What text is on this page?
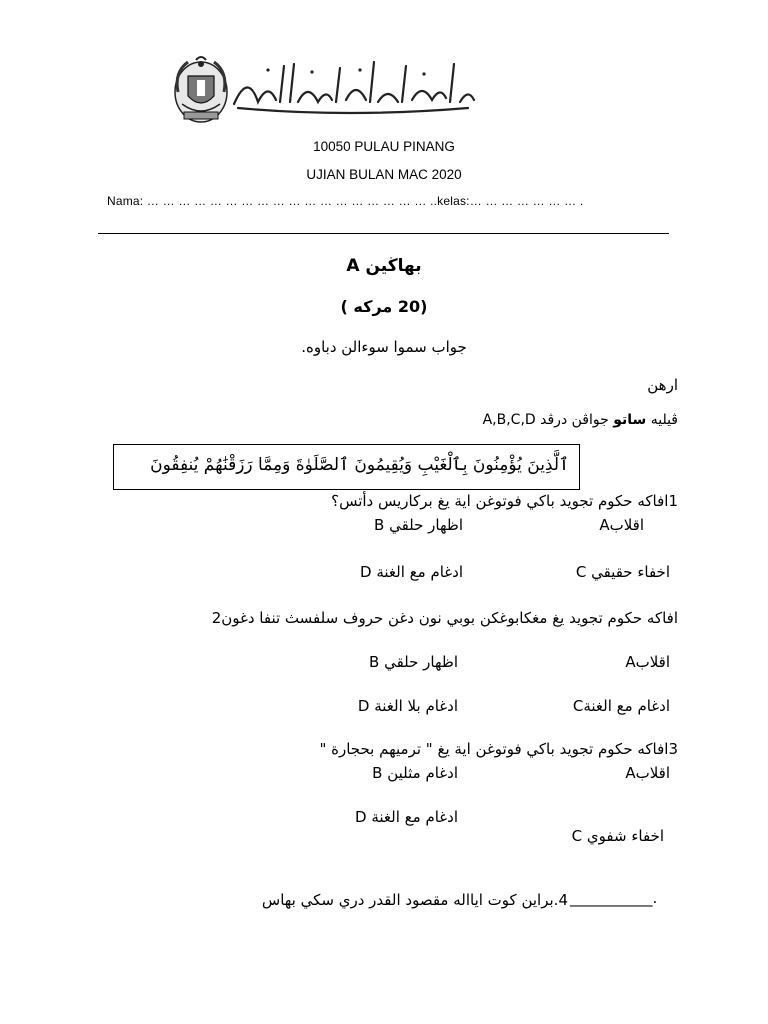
10050 PULAU PINANG
UJIAN BULAN MAC 2020
Nama: … … … … … … … … … … … … … … … … … … ..kelas:… … … … … … … .
بهاڬين A
(20 مركه )
جواب سموا سوءالن دباوه.
ارهن
ڤيليه ساتو جواڤن درڤد A,B,C,D
ٱلَّذِينَ يُؤْمِنُونَ بِٱلْغَيْبِ وَيُقِيمُونَ ٱلصَّلَوٰةَ وَمِمَّا رَزَقْنَٰهُمْ يُنفِقُونَ
1افاكه حكوم تجويد باكي فوتوغن اية يغ بركاريس دأتس؟
Aاقلاب
B اظهار حلقي
C اخفاء حقيقي
D ادغام مع الغنة
افاكه حكوم تجويد يغ مغكابوغكن بوبي نون دغن حروف سلفسث تنفا دغون2
Aاقلاب
B اظهار حلقي
Cادغام مع الغنة
D ادغام بلا الغنة
3افاكه حكوم تجويد باكي فوتوغن اية يغ " ترميهم بحجارة "
Aاقلاب
B ادغام مثلين
D ادغام مع الغنة
C اخفاء شفوي
4.براين كوت ايااله مقصود القدر دري سكي بهاس ___________.
